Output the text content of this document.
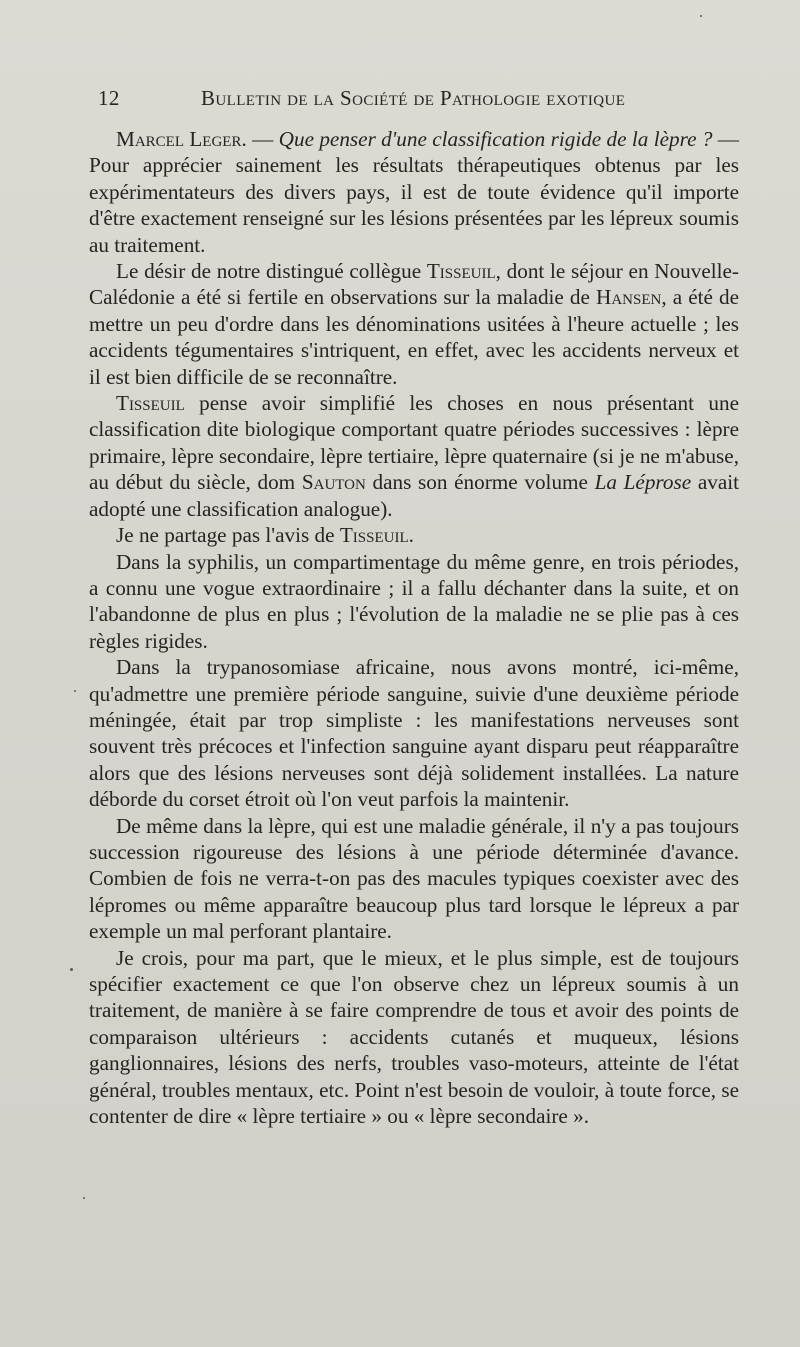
12	Bulletin de la Société de Pathologie exotique

Marcel Leger. — Que penser d'une classification rigide de la lèpre ? — Pour apprécier sainement les résultats thérapeutiques obtenus par les expérimentateurs des divers pays, il est de toute évidence qu'il importe d'être exactement renseigné sur les lésions présentées par les lépreux soumis au traitement.

Le désir de notre distingué collègue Tisseuil, dont le séjour en Nouvelle-Calédonie a été si fertile en observations sur la maladie de Hansen, a été de mettre un peu d'ordre dans les dénominations usitées à l'heure actuelle ; les accidents tégumentaires s'intriquent, en effet, avec les accidents nerveux et il est bien difficile de se reconnaître.

Tisseuil pense avoir simplifié les choses en nous présentant une classification dite biologique comportant quatre périodes successives : lèpre primaire, lèpre secondaire, lèpre tertiaire, lèpre quaternaire (si je ne m'abuse, au début du siècle, dom Sauton dans son énorme volume La Léprose avait adopté une classification analogue).

Je ne partage pas l'avis de Tisseuil.

Dans la syphilis, un compartimentage du même genre, en trois périodes, a connu une vogue extraordinaire ; il a fallu déchanter dans la suite, et on l'abandonne de plus en plus ; l'évolution de la maladie ne se plie pas à ces règles rigides.

Dans la trypanosomiase africaine, nous avons montré, ici-même, qu'admettre une première période sanguine, suivie d'une deuxième période méningée, était par trop simpliste : les manifestations nerveuses sont souvent très précoces et l'infection sanguine ayant disparu peut réapparaître alors que des lésions nerveuses sont déjà solidement installées. La nature déborde du corset étroit où l'on veut parfois la maintenir.

De même dans la lèpre, qui est une maladie générale, il n'y a pas toujours succession rigoureuse des lésions à une période déterminée d'avance. Combien de fois ne verra-t-on pas des macules typiques coexister avec des lépromes ou même apparaître beaucoup plus tard lorsque le lépreux a par exemple un mal perforant plantaire.

Je crois, pour ma part, que le mieux, et le plus simple, est de toujours spécifier exactement ce que l'on observe chez un lépreux soumis à un traitement, de manière à se faire comprendre de tous et avoir des points de comparaison ultérieurs : accidents cutanés et muqueux, lésions ganglionnaires, lésions des nerfs, troubles vaso-moteurs, atteinte de l'état général, troubles mentaux, etc. Point n'est besoin de vouloir, à toute force, se contenter de dire « lèpre tertiaire » ou « lèpre secondaire ».
